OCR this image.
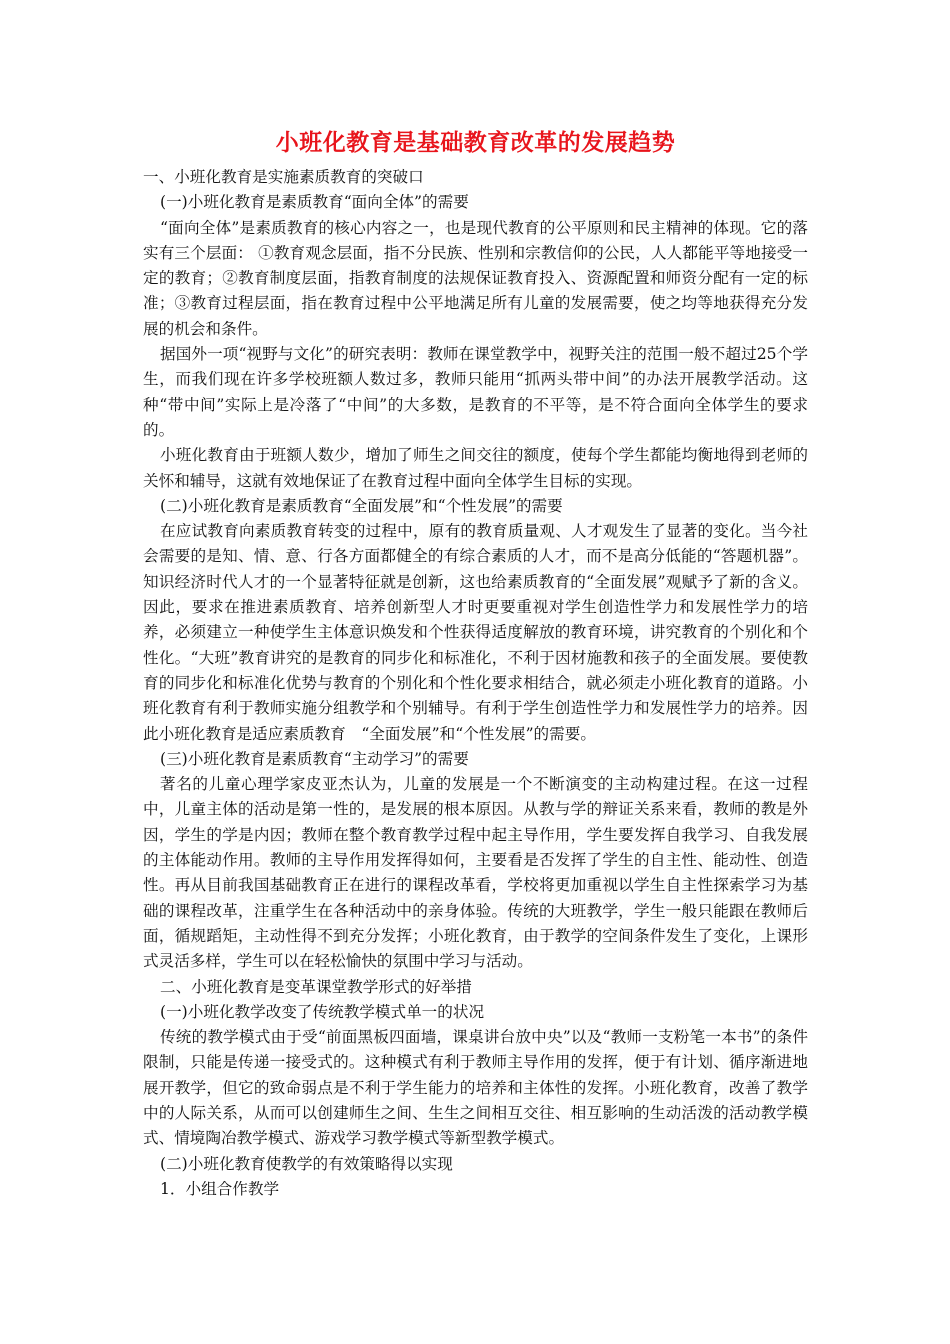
小班化教育是基础教育改革的发展趋势
一、小班化教育是实施素质教育的突破口
(一)小班化教育是素质教育“面向全体”的需要
“面向全体”是素质教育的核心内容之一，也是现代教育的公平原则和民主精神的体现。它的落实有三个层面： ①教育观念层面，指不分民族、性别和宗教信仰的公民，人人都能平等地接受一定的教育；②教育制度层面，指教育制度的法规保证教育投入、资源配置和师资分配有一定的标准；③教育过程层面，指在教育过程中公平地满足所有儿童的发展需要，使之均等地获得充分发展的机会和条件。
据国外一项“视野与文化”的研究表明：教师在课堂教学中，视野关注的范围一般不超过25个学生，而我们现在许多学校班额人数过多，教师只能用“抓两头带中间”的办法开展教学活动。这种“带中间”实际上是冷落了“中间”的大多数，是教育的不平等，是不符合面向全体学生的要求的。
小班化教育由于班额人数少，增加了师生之间交往的额度，使每个学生都能均衡地得到老师的关怀和辅导，这就有效地保证了在教育过程中面向全体学生目标的实现。
(二)小班化教育是素质教育“全面发展”和“个性发展”的需要
在应试教育向素质教育转变的过程中，原有的教育质量观、人才观发生了显著的变化。当今社会需要的是知、情、意、行各方面都健全的有综合素质的人才，而不是高分低能的“答题机器”。知识经济时代人才的一个显著特征就是创新，这也给素质教育的“全面发展”观赋予了新的含义。因此，要求在推进素质教育、培养创新型人才时更要重视对学生创造性学力和发展性学力的培养，必须建立一种使学生主体意识焕发和个性获得适度解放的教育环境，讲究教育的个别化和个性化。“大班”教育讲究的是教育的同步化和标准化，不利于因材施教和孩子的全面发展。要使教育的同步化和标准化优势与教育的个别化和个性化要求相结合，就必须走小班化教育的道路。小班化教育有利于教师实施分组教学和个别辅导。有利于学生创造性学力和发展性学力的培养。因此小班化教育是适应素质教育　“全面发展”和“个性发展”的需要。
(三)小班化教育是素质教育“主动学习”的需要
著名的儿童心理学家皮亚杰认为，儿童的发展是一个不断演变的主动构建过程。在这一过程中，儿童主体的活动是第一性的，是发展的根本原因。从教与学的辩证关系来看，教师的教是外因，学生的学是内因；教师在整个教育教学过程中起主导作用，学生要发挥自我学习、自我发展的主体能动作用。教师的主导作用发挥得如何，主要看是否发挥了学生的自主性、能动性、创造性。再从目前我国基础教育正在进行的课程改革看，学校将更加重视以学生自主性探索学习为基础的课程改革，注重学生在各种活动中的亲身体验。传统的大班教学，学生一般只能跟在教师后面，循规蹈矩，主动性得不到充分发挥；小班化教育，由于教学的空间条件发生了变化，上课形式灵活多样，学生可以在轻松愉快的氛围中学习与活动。
二、小班化教育是变革课堂教学形式的好举措
(一)小班化教学改变了传统教学模式单一的状况
传统的教学模式由于受“前面黑板四面墙，课桌讲台放中央”以及“教师一支粉笔一本书”的条件限制，只能是传递一接受式的。这种模式有利于教师主导作用的发挥，便于有计划、循序渐进地展开教学，但它的致命弱点是不利于学生能力的培养和主体性的发挥。小班化教育，改善了教学中的人际关系，从而可以创建师生之间、生生之间相互交往、相互影响的生动活泼的活动教学模式、情境陶冶教学模式、游戏学习教学模式等新型教学模式。
(二)小班化教育使教学的有效策略得以实现
1．小组合作教学
